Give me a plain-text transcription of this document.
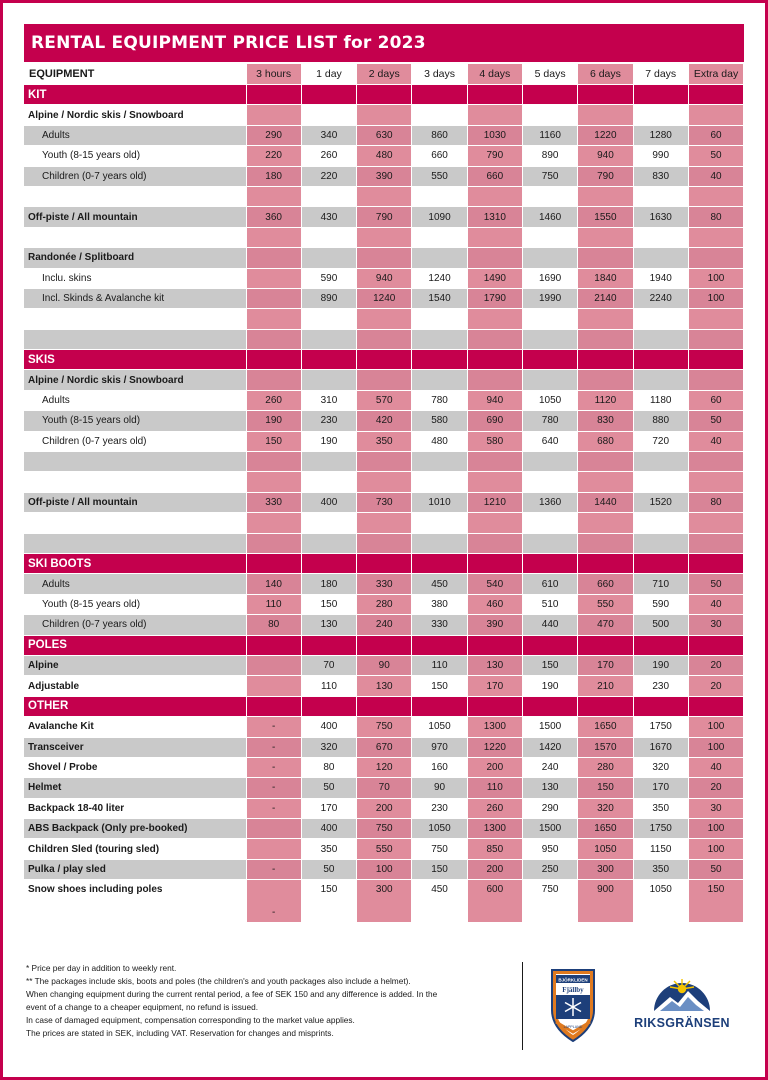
RENTAL EQUIPMENT PRICE LIST for 2023
EQUIPMENT	3 hours	1 day	2 days	3 days	4 days	5 days	6 days	7 days	Extra day
KIT									
Alpine / Nordic skis / Snowboard									
Adults	290	340	630	860	1030	1160	1220	1280	60
Youth (8-15 years old)	220	260	480	660	790	890	940	990	50
Children (0-7 years old)	180	220	390	550	660	750	790	830	40

Off-piste / All mountain	360	430	790	1090	1310	1460	1550	1630	80

Randonée / Splitboard									
Inclu. skins		590	940	1240	1490	1690	1840	1940	100
Incl. Skinds & Avalanche kit		890	1240	1540	1790	1990	2140	2240	100

SKIS									
Alpine / Nordic skis / Snowboard									
Adults	260	310	570	780	940	1050	1120	1180	60
Youth (8-15 years old)	190	230	420	580	690	780	830	880	50
Children (0-7 years old)	150	190	350	480	580	640	680	720	40

Off-piste / All mountain	330	400	730	1010	1210	1360	1440	1520	80

SKI BOOTS									
Adults	140	180	330	450	540	610	660	710	50
Youth (8-15 years old)	110	150	280	380	460	510	550	590	40
Children (0-7 years old)	80	130	240	330	390	440	470	500	30
POLES									
Alpine		70	90	110	130	150	170	190	20
Adjustable		110	130	150	170	190	210	230	20
OTHER									
Avalanche Kit	-	400	750	1050	1300	1500	1650	1750	100
Transceiver	-	320	670	970	1220	1420	1570	1670	100
Shovel / Probe	-	80	120	160	200	240	280	320	40
Helmet	-	50	70	90	110	130	150	170	20
Backpack 18-40 liter	-	170	200	230	260	290	320	350	30
ABS Backpack (Only pre-booked)		400	750	1050	1300	1500	1650	1750	100
Children Sled (touring sled)		350	550	750	850	950	1050	1150	100
Pulka / play sled	-	50	100	150	200	250	300	350	50
Snow shoes including poles	-	150	300	450	600	750	900	1050	150
* Price per day in addition to weekly rent.
** The packages include skis, boots and poles (the children's and youth packages also include a helmet).
When changing equipment during the current rental period, a fee of SEK 150 and any difference is added. In the
event of a change to a cheaper equipment, no refund is issued.
In case of damaged equipment, compensation corresponding to the market value applies.
The prices are stated in SEK, including VAT. Reservation for changes and misprints.
BJÖRKLIDEN
Fjällby
LAPPLAND	RIKSGRÄNSEN
